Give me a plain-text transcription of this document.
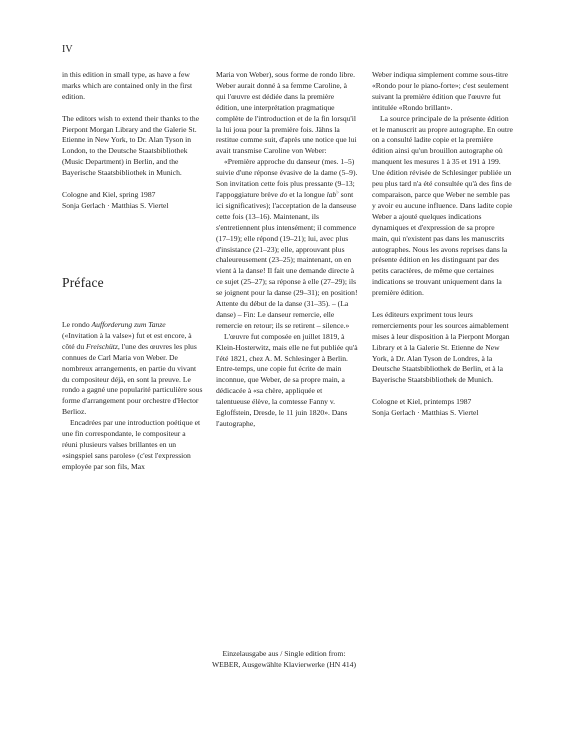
IV

in this edition in small type, as have a few marks which are contained only in the first edition.

The editors wish to extend their thanks to the Pierpont Morgan Library and the Galerie St. Etienne in New York, to Dr. Alan Tyson in London, to the Deutsche Staatsbibliothek (Music Department) in Berlin, and the Bayerische Staatsbibliothek in Munich.

Cologne and Kiel, spring 1987

Sonja Gerlach · Matthias S. Viertel

Préface

Le rondo Aufforderung zum Tanze («Invitation à la valse») fut et est encore, à côté du Freischütz, l'une des œuvres les plus connues de Carl Maria von Weber. De nombreux arrangements, en partie du vivant du compositeur déjà, en sont la preuve. Le rondo a gagné une popularité particulière sous forme d'arrangement pour orchestre d'Hector Berlioz.

Encadrées par une introduction poétique et une fin correspondante, le compositeur a réuni plusieurs valses brillantes en un «singspiel sans paroles» (c'est l'expression employée par son fils, Max

Maria von Weber), sous forme de rondo libre. Weber aurait donné à sa femme Caroline, à qui l'œuvre est dédiée dans la première édition, une interprétation pragmatique complète de l'introduction et de la fin lorsqu'il la lui joua pour la première fois. Jähns la restitue comme suit, d'après une notice que lui avait transmise Caroline von Weber:

«Première approche du danseur (mes. 1–5) suivie d'une réponse évasive de la dame (5–9). Son invitation cette fois plus pressante (9–13; l'appoggiature brève do et la longue lab♭ sont ici significatives); l'acceptation de la danseuse cette fois (13–16). Maintenant, ils s'entretiennent plus intensément; il commence (17–19); elle répond (19–21); lui, avec plus d'insistance (21–23); elle, approuvant plus chaleureusement (23–25); maintenant, on en vient à la danse! Il fait une demande directe à ce sujet (25–27); sa réponse à elle (27–29); ils se joignent pour la danse (29–31); en position! Attente du début de la danse (31–35). – (La danse) – Fin: Le danseur remercie, elle remercie en retour; ils se retirent – silence.»

L'œuvre fut composée en juillet 1819, à Klein-Hosterwitz, mais elle ne fut publiée qu'à l'été 1821, chez A. M. Schlesinger à Berlin. Entre-temps, une copie fut écrite de main inconnue, que Weber, de sa propre main, a dédicacée à «sa chère, appliquée et talentueuse élève, la comtesse Fanny v. Egloffstein, Dresde, le 11 juin 1820». Dans l'autographe,

Weber indiqua simplement comme sous-titre «Rondo pour le piano-forte»; c'est seulement suivant la première édition que l'œuvre fut intitulée «Rondo brillant».

La source principale de la présente édition et le manuscrit au propre autographe. En outre on a consulté ladite copie et la première édition ainsi qu'un brouillon autographe où manquent les mesures 1 à 35 et 191 à 199. Une édition révisée de Schlesinger publiée un peu plus tard n'a été consultée qu'à des fins de comparaison, parce que Weber ne semble pas y avoir eu aucune influence. Dans ladite copie Weber a ajouté quelques indications dynamiques et d'expression de sa propre main, qui n'existent pas dans les manuscrits autographes. Nous les avons reprises dans la présente édition en les distinguant par des petits caractères, de même que certaines indications se trouvant uniquement dans la première édition.

Les éditeurs expriment tous leurs remerciements pour les sources aimablement mises à leur disposition à la Pierpont Morgan Library et à la Galerie St. Etienne de New York, à Dr. Alan Tyson de Londres, à la Deutsche Staatsbibliothek de Berlin, et à la Bayerische Staatsbibliothek de Munich.

Cologne et Kiel, printemps 1987

Sonja Gerlach · Matthias S. Viertel

Einzelausgabe aus / Single edition from:
WEBER, Ausgewählte Klavierwerke (HN 414)
